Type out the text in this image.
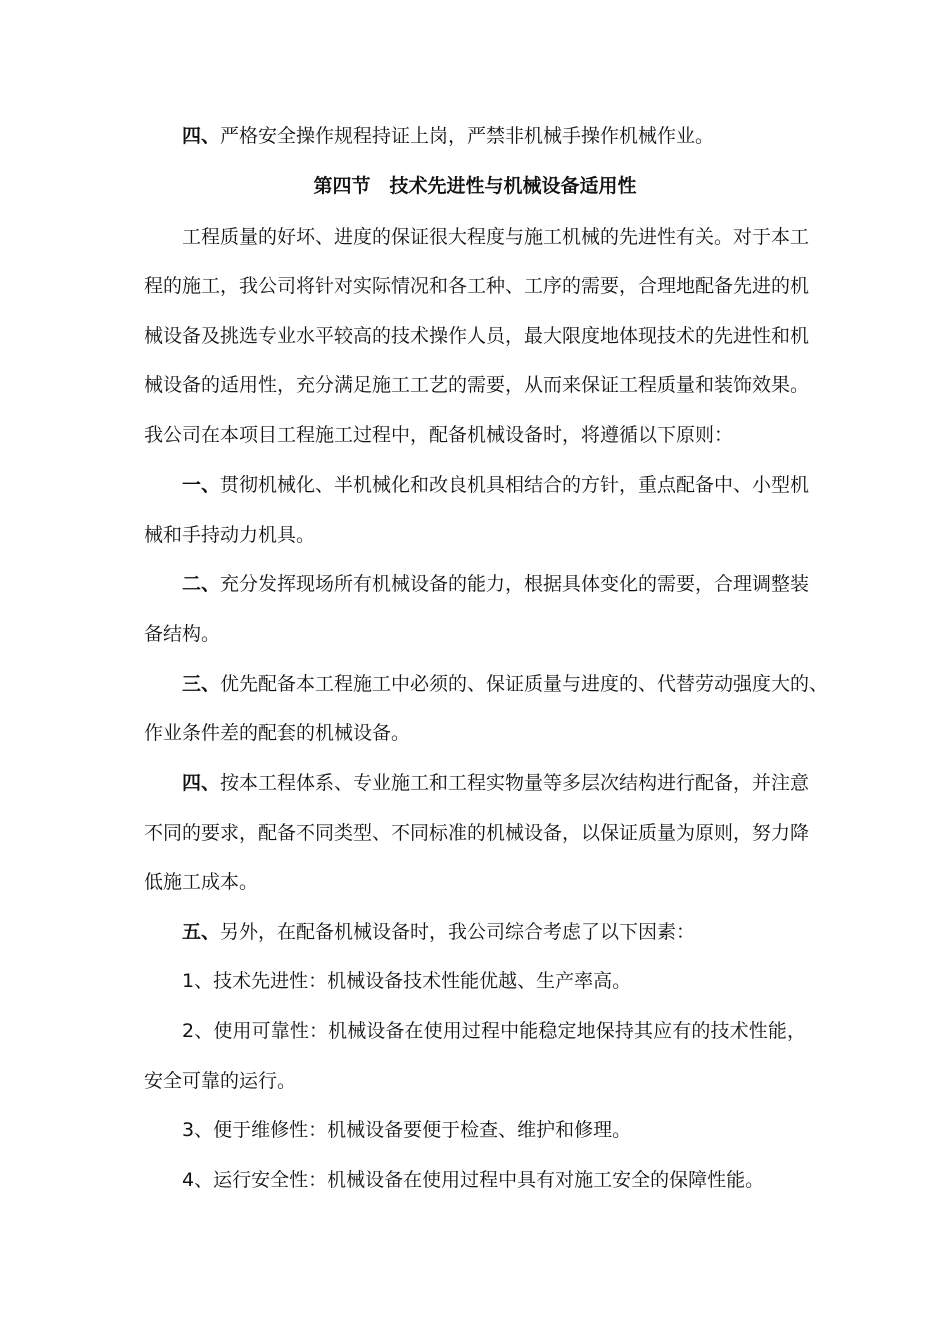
四、严格安全操作规程持证上岗，严禁非机械手操作机械作业。
第四节　技术先进性与机械设备适用性
工程质量的好坏、进度的保证很大程度与施工机械的先进性有关。对于本工
程的施工，我公司将针对实际情况和各工种、工序的需要，合理地配备先进的机
械设备及挑选专业水平较高的技术操作人员，最大限度地体现技术的先进性和机
械设备的适用性，充分满足施工工艺的需要，从而来保证工程质量和装饰效果。
我公司在本项目工程施工过程中，配备机械设备时，将遵循以下原则：
一、贯彻机械化、半机械化和改良机具相结合的方针，重点配备中、小型机
械和手持动力机具。
二、充分发挥现场所有机械设备的能力，根据具体变化的需要，合理调整装
备结构。
三、优先配备本工程施工中必须的、保证质量与进度的、代替劳动强度大的、
作业条件差的配套的机械设备。
四、按本工程体系、专业施工和工程实物量等多层次结构进行配备，并注意
不同的要求，配备不同类型、不同标准的机械设备，以保证质量为原则，努力降
低施工成本。
五、另外，在配备机械设备时，我公司综合考虑了以下因素：
1、技术先进性：机械设备技术性能优越、生产率高。
2、使用可靠性：机械设备在使用过程中能稳定地保持其应有的技术性能，
安全可靠的运行。
3、便于维修性：机械设备要便于检查、维护和修理。
4、运行安全性：机械设备在使用过程中具有对施工安全的保障性能。
